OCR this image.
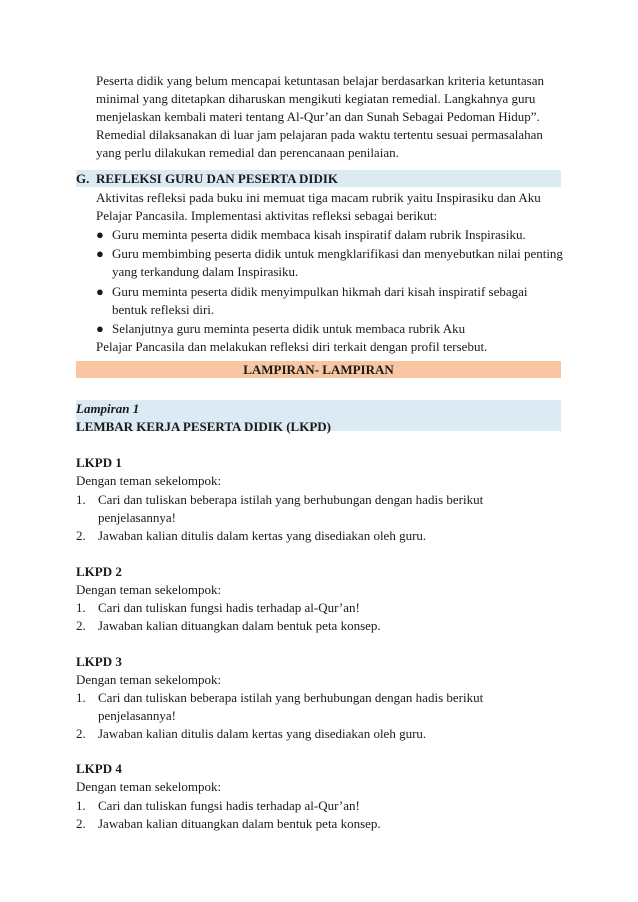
Peserta didik yang belum mencapai ketuntasan belajar berdasarkan kriteria ketuntasan
minimal yang ditetapkan diharuskan mengikuti kegiatan remedial. Langkahnya guru
menjelaskan kembali materi tentang Al-Qur’an dan Sunah Sebagai Pedoman Hidup”.
Remedial dilaksanakan di luar jam pelajaran pada waktu tertentu sesuai permasalahan
yang perlu dilakukan remedial dan perencanaan penilaian.
G. REFLEKSI GURU DAN PESERTA DIDIK
Aktivitas refleksi pada buku ini memuat tiga macam rubrik yaitu Inspirasiku dan Aku
Pelajar Pancasila. Implementasi aktivitas refleksi sebagai berikut:
● Guru meminta peserta didik membaca kisah inspiratif dalam rubrik Inspirasiku.
● Guru membimbing peserta didik untuk mengklarifikasi dan menyebutkan nilai penting
yang terkandung dalam Inspirasiku.
● Guru meminta peserta didik menyimpulkan hikmah dari kisah inspiratif sebagai
bentuk refleksi diri.
● Selanjutnya guru meminta peserta didik untuk membaca rubrik Aku
Pelajar Pancasila dan melakukan refleksi diri terkait dengan profil tersebut.
LAMPIRAN- LAMPIRAN
Lampiran 1
LEMBAR KERJA PESERTA DIDIK (LKPD)
LKPD 1
Dengan teman sekelompok:
1. Cari dan tuliskan beberapa istilah yang berhubungan dengan hadis berikut
penjelasannya!
2. Jawaban kalian ditulis dalam kertas yang disediakan oleh guru.
LKPD 2
Dengan teman sekelompok:
1. Cari dan tuliskan fungsi hadis terhadap al-Qur’an!
2. Jawaban kalian dituangkan dalam bentuk peta konsep.
LKPD 3
Dengan teman sekelompok:
1. Cari dan tuliskan beberapa istilah yang berhubungan dengan hadis berikut
penjelasannya!
2. Jawaban kalian ditulis dalam kertas yang disediakan oleh guru.
LKPD 4
Dengan teman sekelompok:
1. Cari dan tuliskan fungsi hadis terhadap al-Qur’an!
2. Jawaban kalian dituangkan dalam bentuk peta konsep.
